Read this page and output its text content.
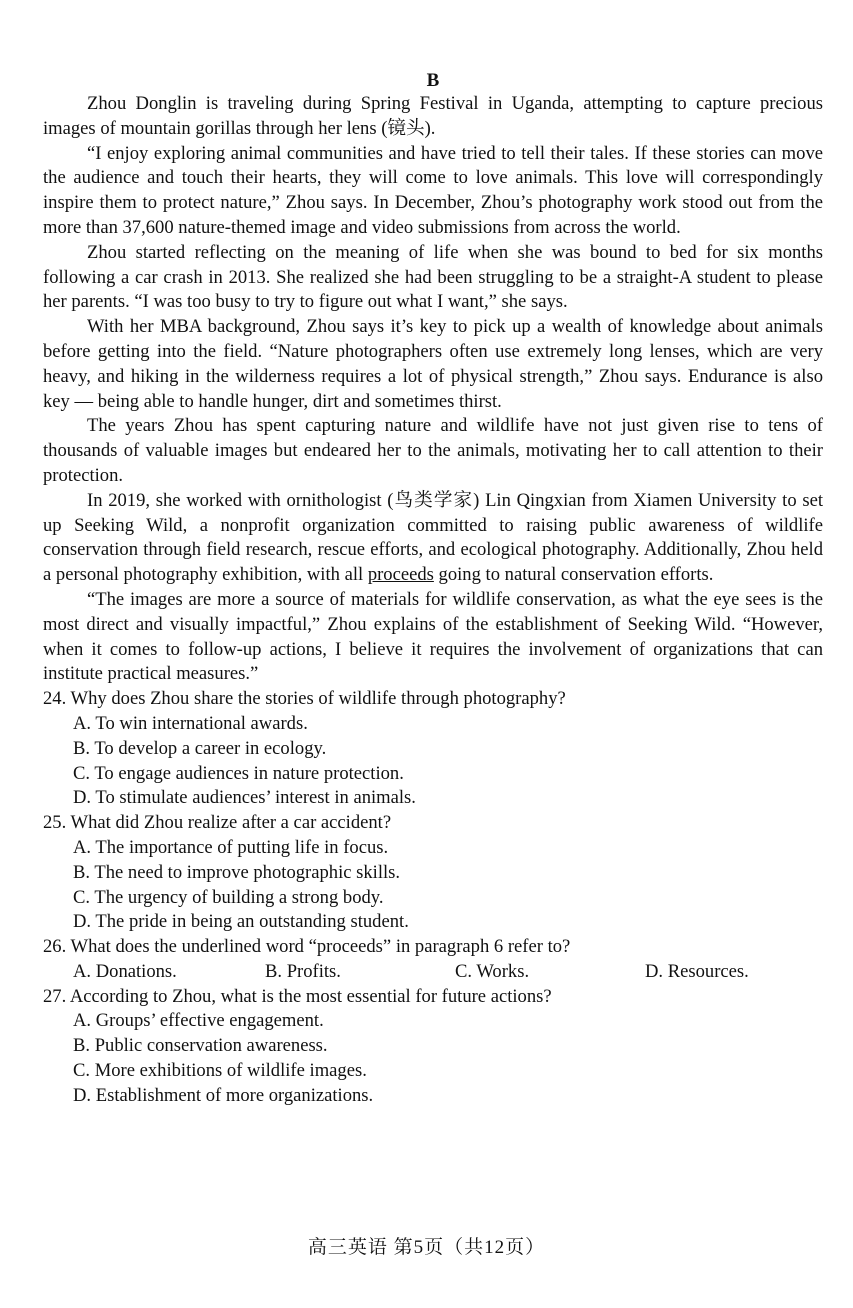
B

Zhou Donglin is traveling during Spring Festival in Uganda, attempting to capture precious images of mountain gorillas through her lens (镜头).

“I enjoy exploring animal communities and have tried to tell their tales. If these stories can move the audience and touch their hearts, they will come to love animals. This love will correspondingly inspire them to protect nature,” Zhou says. In December, Zhou’s photography work stood out from the more than 37,600 nature-themed image and video submissions from across the world.

Zhou started reflecting on the meaning of life when she was bound to bed for six months following a car crash in 2013. She realized she had been struggling to be a straight-A student to please her parents. “I was too busy to try to figure out what I want,” she says.

With her MBA background, Zhou says it’s key to pick up a wealth of knowledge about animals before getting into the field. “Nature photographers often use extremely long lenses, which are very heavy, and hiking in the wilderness requires a lot of physical strength,” Zhou says. Endurance is also key — being able to handle hunger, dirt and sometimes thirst.

The years Zhou has spent capturing nature and wildlife have not just given rise to tens of thousands of valuable images but endeared her to the animals, motivating her to call attention to their protection.

In 2019, she worked with ornithologist (鸟类学家) Lin Qingxian from Xiamen University to set up Seeking Wild, a nonprofit organization committed to raising public awareness of wildlife conservation through field research, rescue efforts, and ecological photography. Additionally, Zhou held a personal photography exhibition, with all proceeds going to natural conservation efforts.

“The images are more a source of materials for wildlife conservation, as what the eye sees is the most direct and visually impactful,” Zhou explains of the establishment of Seeking Wild. “However, when it comes to follow-up actions, I believe it requires the involvement of organizations that can institute practical measures.”

24. Why does Zhou share the stories of wildlife through photography?

A. To win international awards.

B. To develop a career in ecology.

C. To engage audiences in nature protection.

D. To stimulate audiences’ interest in animals.

25. What did Zhou realize after a car accident?

A. The importance of putting life in focus.

B. The need to improve photographic skills.

C. The urgency of building a strong body.

D. The pride in being an outstanding student.

26. What does the underlined word “proceeds” in paragraph 6 refer to?

A. Donations.	B. Profits.	C. Works.	D. Resources.

27. According to Zhou, what is the most essential for future actions?

A. Groups’ effective engagement.

B. Public conservation awareness.

C. More exhibitions of wildlife images.

D. Establishment of more organizations.

高三英语 第5页（共12页）
